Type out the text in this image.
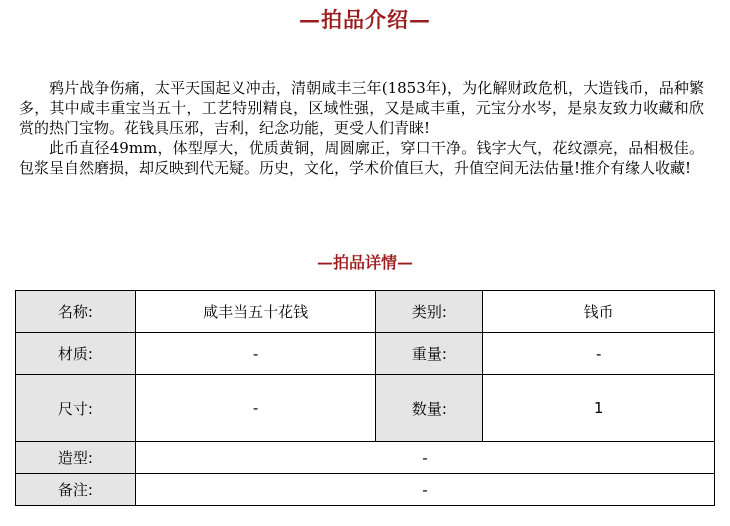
—拍品介绍—

鸦片战争伤痛，太平天国起义冲击，清朝咸丰三年(1853年)，为化解财政危机，大造钱币，品种繁多，其中咸丰重宝当五十，工艺特别精良，区域性强，又是咸丰重，元宝分水岑，是泉友致力收藏和欣赏的热门宝物。花钱具压邪，吉利，纪念功能，更受人们青睐!

此币直径49mm，体型厚大，优质黄铜，周圆廓正，穿口干净。钱字大气，花纹漂亮，品相极佳。包浆呈自然磨损，却反映到代无疑。历史，文化，学术价值巨大，升值空间无法估量!推介有缘人收藏!

—拍品详情—
名称:	咸丰当五十花钱	类别:	钱币
材质:	-	重量:	-
尺寸:	-	数量:	1
造型:	-		
备注:	-		
